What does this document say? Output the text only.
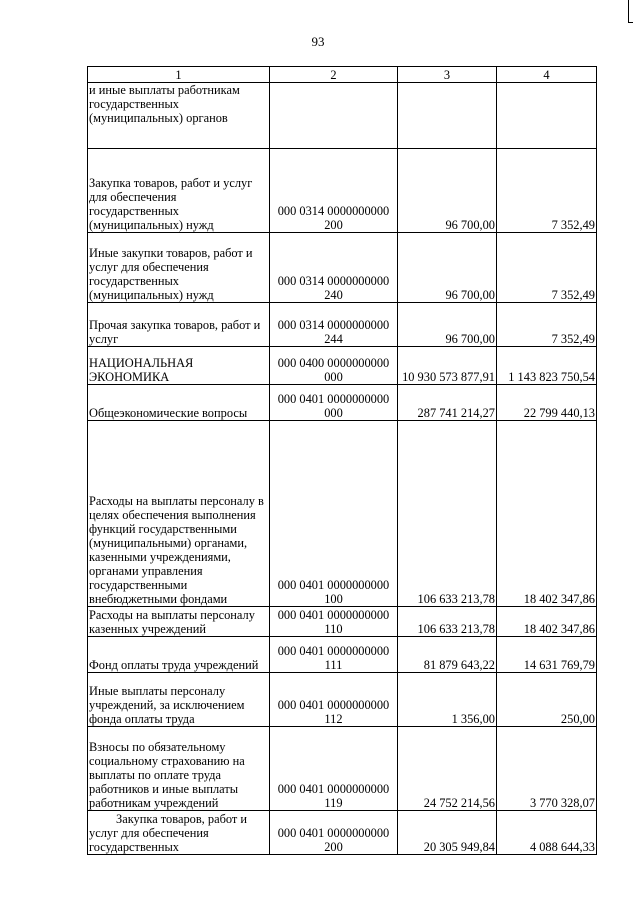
93
1	2	3	4
и иные выплаты работникам государственных (муниципальных) органов			
Закупка товаров, работ и услуг для обеспечения государственных (муниципальных) нужд	000 0314 0000000000 200	96 700,00	7 352,49
Иные закупки товаров, работ и услуг для обеспечения государственных (муниципальных) нужд	000 0314 0000000000 240	96 700,00	7 352,49
Прочая закупка товаров, работ и услуг	000 0314 0000000000 244	96 700,00	7 352,49
НАЦИОНАЛЬНАЯ ЭКОНОМИКА	000 0400 0000000000 000	10 930 573 877,91	1 143 823 750,54
Общеэкономические вопросы	000 0401 0000000000 000	287 741 214,27	22 799 440,13
Расходы на выплаты персоналу в целях обеспечения выполнения функций государственными (муниципальными) органами, казенными учреждениями, органами управления государственными внебюджетными фондами	000 0401 0000000000 100	106 633 213,78	18 402 347,86
Расходы на выплаты персоналу казенных учреждений	000 0401 0000000000 110	106 633 213,78	18 402 347,86
Фонд оплаты труда учреждений	000 0401 0000000000 111	81 879 643,22	14 631 769,79
Иные выплаты персоналу учреждений, за исключением фонда оплаты труда	000 0401 0000000000 112	1 356,00	250,00
Взносы по обязательному социальному страхованию на выплаты по оплате труда работников и иные выплаты работникам учреждений	000 0401 0000000000 119	24 752 214,56	3 770 328,07
Закупка товаров, работ и услуг для обеспечения государственных	000 0401 0000000000 200	20 305 949,84	4 088 644,33
